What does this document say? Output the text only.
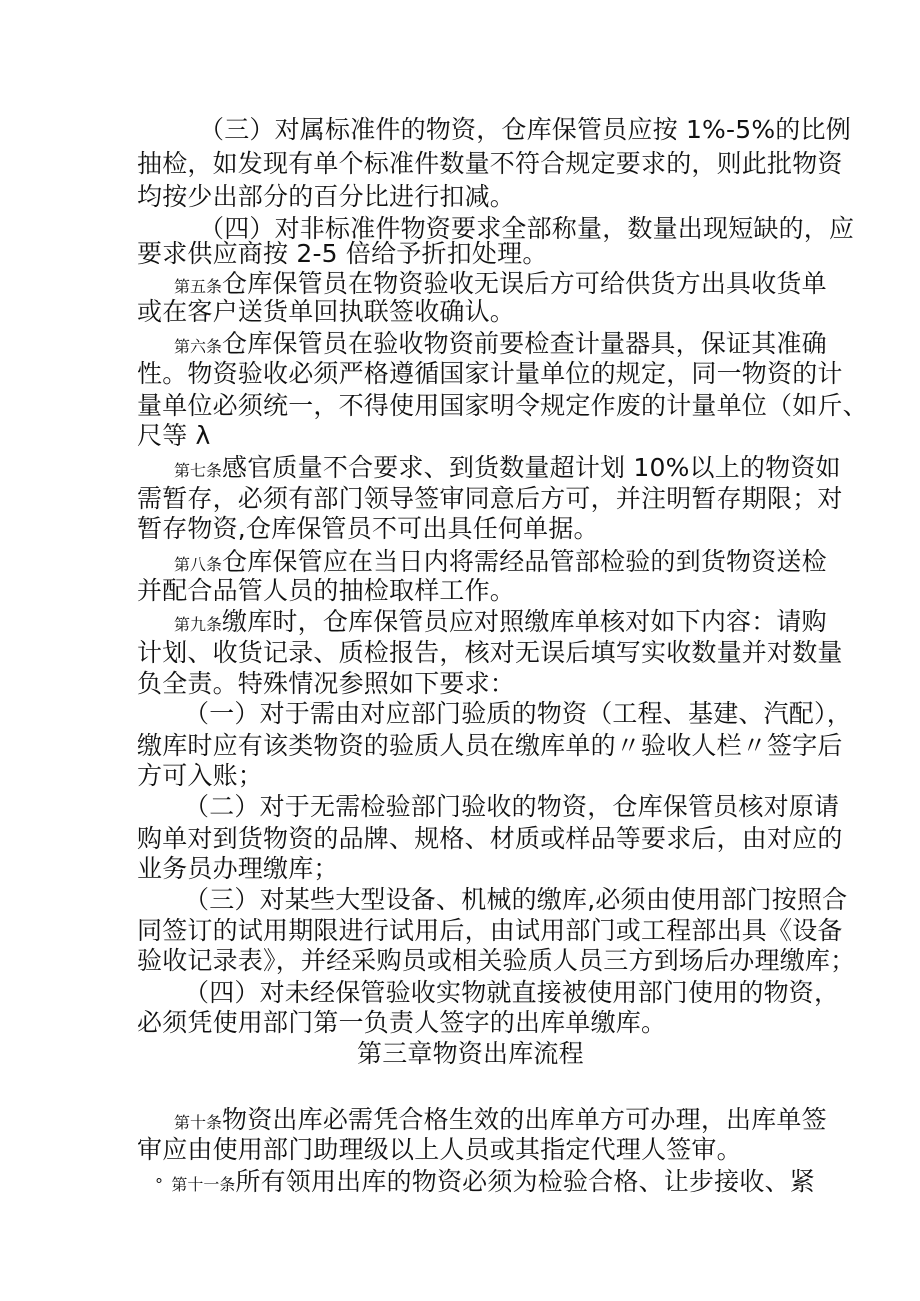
（三）对属标准件的物资，仓库保管员应按 1%-5%的比例
抽检，如发现有单个标准件数量不符合规定要求的，则此批物资
均按少出部分的百分比进行扣减。
（四）对非标准件物资要求全部称量，数量出现短缺的，应
要求供应商按 2-5 倍给予折扣处理。
第五条仓库保管员在物资验收无误后方可给供货方出具收货单
或在客户送货单回执联签收确认。
第六条仓库保管员在验收物资前要检查计量器具，保证其准确
性。物资验收必须严格遵循国家计量单位的规定，同一物资的计
量单位必须统一，不得使用国家明令规定作废的计量单位（如斤、
尺等 λ
第七条感官质量不合要求、到货数量超计划 10%以上的物资如
需暂存，必须有部门领导签审同意后方可，并注明暂存期限；对
暂存物资,仓库保管员不可出具任何单据。
第八条仓库保管应在当日内将需经品管部检验的到货物资送检
并配合品管人员的抽检取样工作。
第九条缴库时，仓库保管员应对照缴库单核对如下内容：请购
计划、收货记录、质检报告，核对无误后填写实收数量并对数量
负全责。特殊情况参照如下要求：
（一）对于需由对应部门验质的物资（工程、基建、汽配），
缴库时应有该类物资的验质人员在缴库单的〃验收人栏〃签字后
方可入账；
（二）对于无需检验部门验收的物资，仓库保管员核对原请
购单对到货物资的品牌、规格、材质或样品等要求后，由对应的
业务员办理缴库；
（三）对某些大型设备、机械的缴库,必须由使用部门按照合
同签订的试用期限进行试用后，由试用部门或工程部出具《设备
验收记录表》，并经采购员或相关验质人员三方到场后办理缴库；
（四）对未经保管验收实物就直接被使用部门使用的物资，
必须凭使用部门第一负责人签字的出库单缴库。
第三章物资出库流程
第十条物资出库必需凭合格生效的出库单方可办理，出库单签
审应由使用部门助理级以上人员或其指定代理人签审。
° 第十一条所有领用出库的物资必须为检验合格、让步接收、紧
